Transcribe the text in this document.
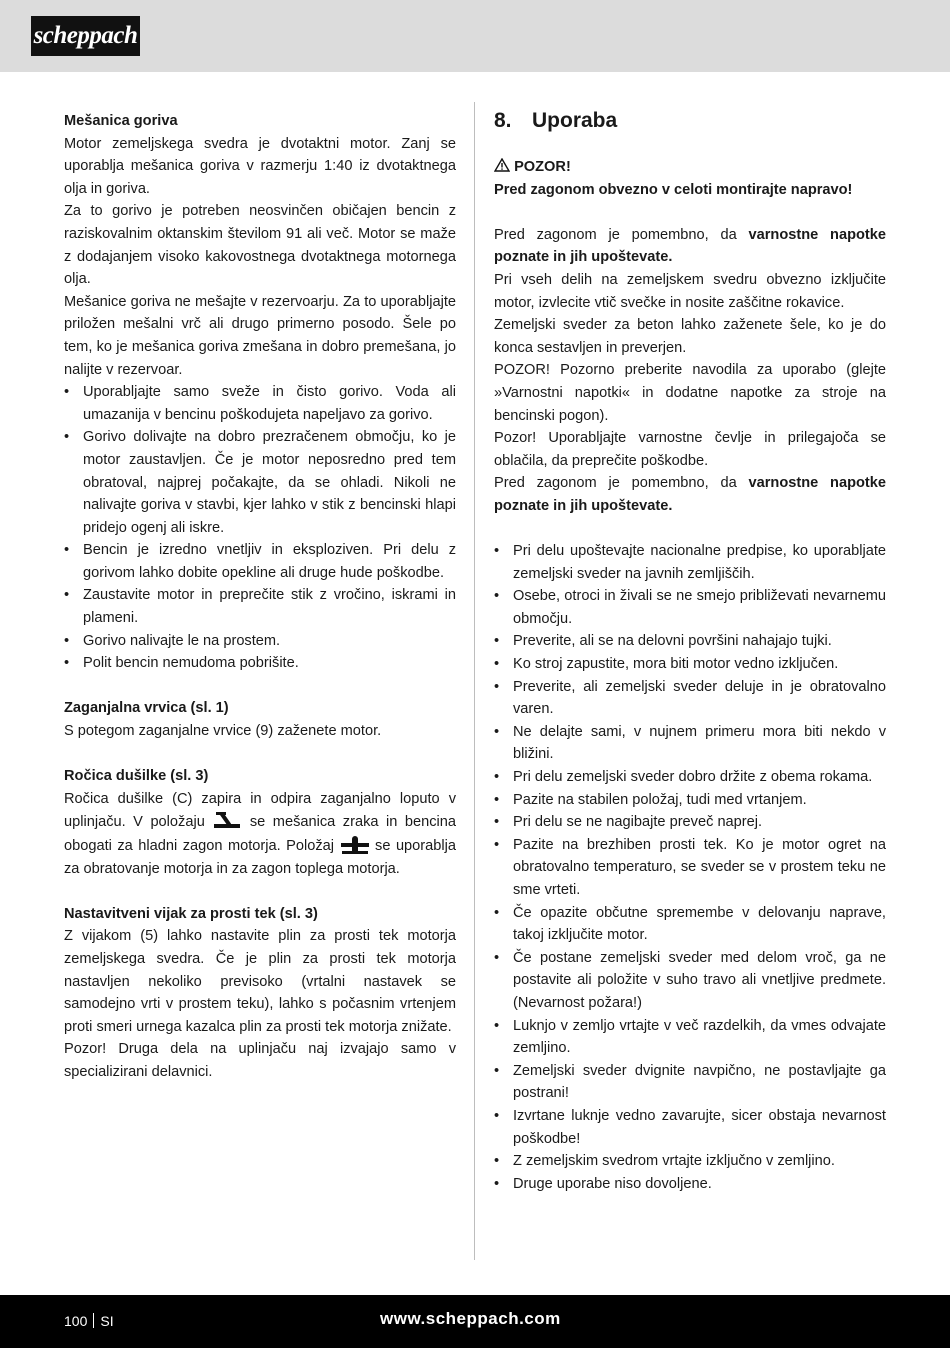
scheppach

Mešanica goriva

Motor zemeljskega svedra je dvotaktni motor. Zanj se uporablja mešanica goriva v razmerju 1:40 iz dvotaktnega olja in goriva.

Za to gorivo je potreben neosvinčen običajen bencin z raziskovalnim oktanskim številom 91 ali več. Motor se maže z dodajanjem visoko kakovostnega dvotaktnega motornega olja.

Mešanice goriva ne mešajte v rezervoarju. Za to uporabljajte priložen mešalni vrč ali drugo primerno posodo. Šele po tem, ko je mešanica goriva zmešana in dobro premešana, jo nalijte v rezervoar.

• Uporabljajte samo sveže in čisto gorivo. Voda ali umazanija v bencinu poškodujeta napeljavo za gorivo.
• Gorivo dolivajte na dobro prezračenem območju, ko je motor zaustavljen. Če je motor neposredno pred tem obratoval, najprej počakajte, da se ohladi. Nikoli ne nalivajte goriva v stavbi, kjer lahko v stik z bencinski hlapi pridejo ogenj ali iskre.
• Bencin je izredno vnetljiv in eksploziven. Pri delu z gorivom lahko dobite opekline ali druge hude poškodbe.
• Zaustavite motor in preprečite stik z vročino, iskrami in plameni.
• Gorivo nalivajte le na prostem.
• Polit bencin nemudoma pobrišite.

Zaganjalna vrvica (sl. 1)

S potegom zaganjalne vrvice (9) zaženete motor.

Ročica dušilke (sl. 3)

Ročica dušilke (C) zapira in odpira zaganjalno loputo v uplinjaču. V položaju
se mešanica zraka in bencina obogati za hladni zagon motorja. Položaj
se uporablja za obratovanje motorja in za zagon toplega motorja.

Nastavitveni vijak za prosti tek (sl. 3)

Z vijakom (5) lahko nastavite plin za prosti tek motorja zemeljskega svedra. Če je plin za prosti tek motorja nastavljen nekoliko previsoko (vrtalni nastavek se samodejno vrti v prostem teku), lahko s počasnim vrtenjem proti smeri urnega kazalca plin za prosti tek motorja znižate.

Pozor! Druga dela na uplinjaču naj izvajajo samo v specializirani delavnici.

8. Uporaba

POZOR!

Pred zagonom obvezno v celoti montirajte napravo!

Pred zagonom je pomembno, da varnostne napotke poznate in jih upoštevate.

Pri vseh delih na zemeljskem svedru obvezno izključite motor, izvlecite vtič svečke in nosite zaščitne rokavice.

Zemeljski sveder za beton lahko zaženete šele, ko je do konca sestavljen in preverjen.

POZOR! Pozorno preberite navodila za uporabo (glejte »Varnostni napotki« in dodatne napotke za stroje na bencinski pogon).

Pozor! Uporabljajte varnostne čevlje in prilegajoča se oblačila, da preprečite poškodbe.

Pred zagonom je pomembno, da varnostne napotke poznate in jih upoštevate.

• Pri delu upoštevajte nacionalne predpise, ko uporabljate zemeljski sveder na javnih zemljiščih.
• Osebe, otroci in živali se ne smejo približevati nevarnemu območju.
• Preverite, ali se na delovni površini nahajajo tujki.
• Ko stroj zapustite, mora biti motor vedno izključen.
• Preverite, ali zemeljski sveder deluje in je obratovalno varen.
• Ne delajte sami, v nujnem primeru mora biti nekdo v bližini.
• Pri delu zemeljski sveder dobro držite z obema rokama.
• Pazite na stabilen položaj, tudi med vrtanjem.
• Pri delu se ne nagibajte preveč naprej.
• Pazite na brezhiben prosti tek. Ko je motor ogret na obratovalno temperaturo, se sveder se v prostem teku ne sme vrteti.
• Če opazite občutne spremembe v delovanju naprave, takoj izključite motor.
• Če postane zemeljski sveder med delom vroč, ga ne postavite ali položite v suho travo ali vnetljive predmete. (Nevarnost požara!)
• Luknjo v zemljo vrtajte v več razdelkih, da vmes odvajate zemljino.
• Zemeljski sveder dvignite navpično, ne postavljajte ga postrani!
• Izvrtane luknje vedno zavarujte, sicer obstaja nevarnost poškodbe!
• Z zemeljskim svedrom vrtajte izključno v zemljino.
• Druge uporabe niso dovoljene.
100 SI	www.scheppach.com
